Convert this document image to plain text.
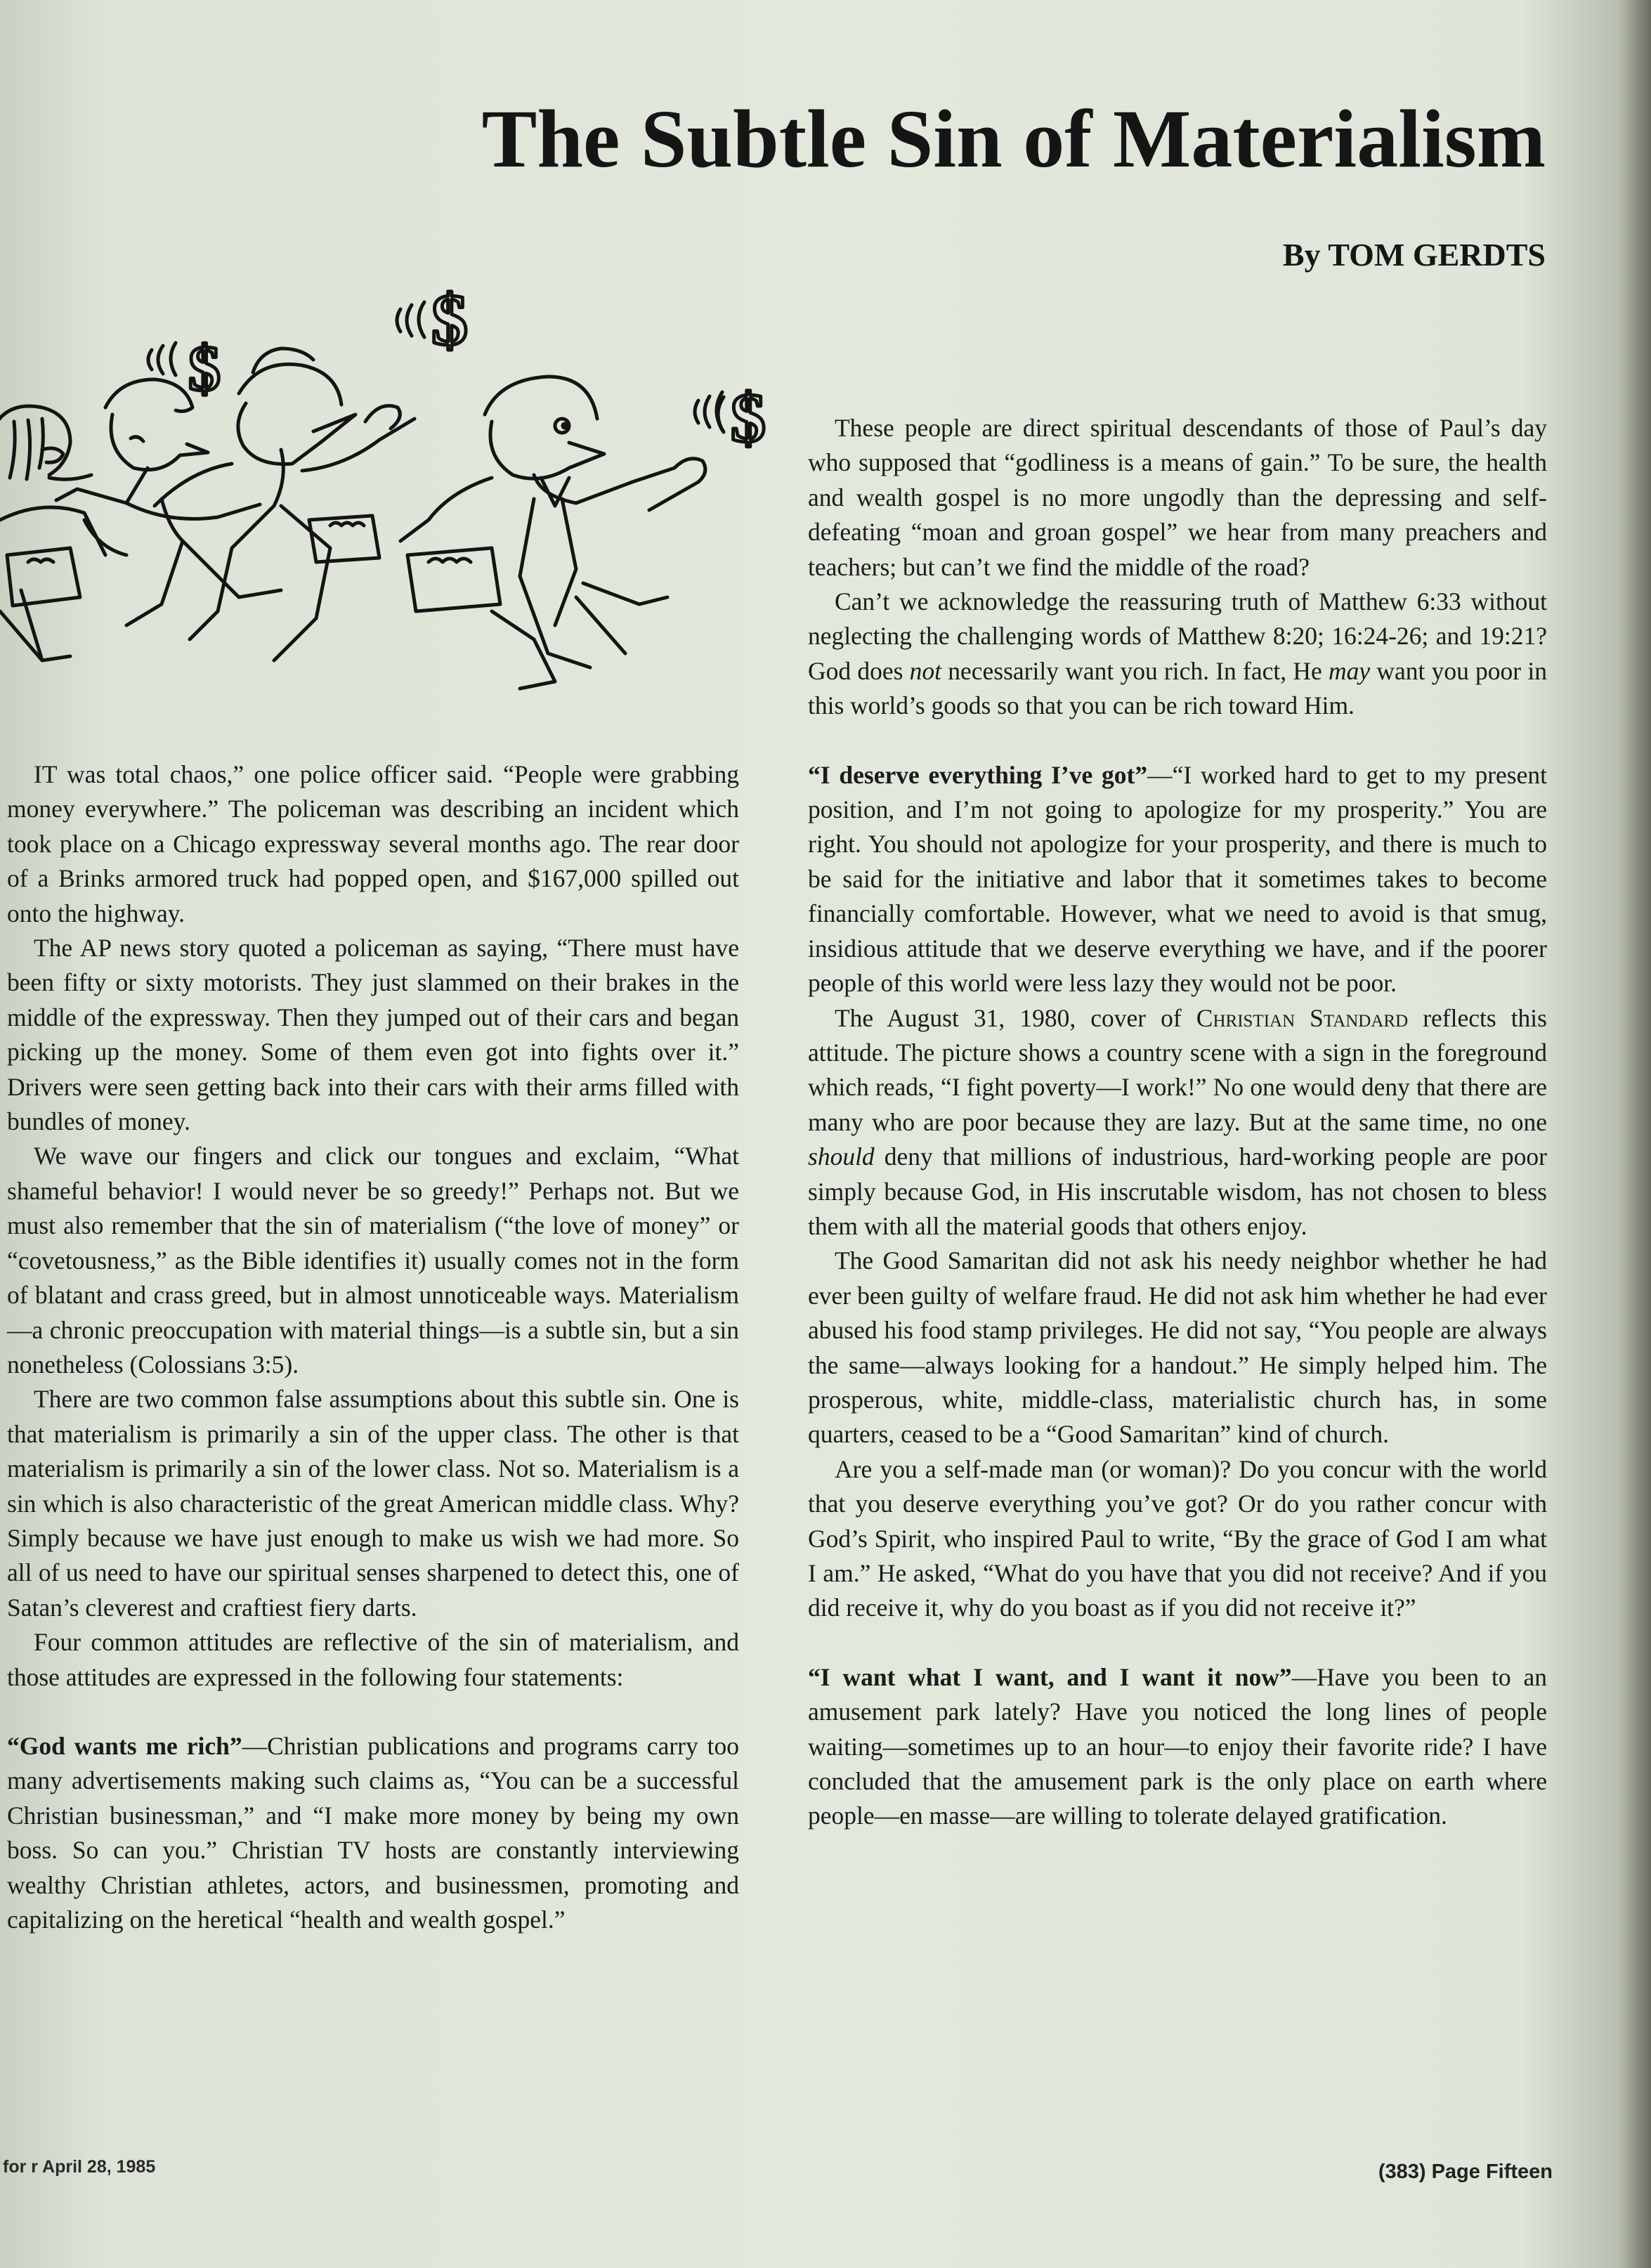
The Subtle Sin of Materialism

By TOM GERDTS

$
$
$

IT was total chaos,” one police officer said. “People were grabbing money everywhere.” The policeman was describing an incident which took place on a Chicago expressway several months ago. The rear door of a Brinks armored truck had popped open, and $167,000 spilled out onto the highway.

The AP news story quoted a policeman as saying, “There must have been fifty or sixty motorists. They just slammed on their brakes in the middle of the expressway. Then they jumped out of their cars and began picking up the money. Some of them even got into fights over it.” Drivers were seen getting back into their cars with their arms filled with bundles of money.

We wave our fingers and click our tongues and exclaim, “What shameful behavior! I would never be so greedy!” Perhaps not. But we must also remember that the sin of materialism (“the love of money” or “covetousness,” as the Bible identifies it) usually comes not in the form of blatant and crass greed, but in almost unnoticeable ways. Materialism—a chronic preoccupation with material things—is a subtle sin, but a sin nonetheless (Colossians 3:5).

There are two common false assumptions about this subtle sin. One is that materialism is primarily a sin of the upper class. The other is that materialism is primarily a sin of the lower class. Not so. Materialism is a sin which is also characteristic of the great American middle class. Why? Simply because we have just enough to make us wish we had more. So all of us need to have our spiritual senses sharpened to detect this, one of Satan’s cleverest and craftiest fiery darts.

Four common attitudes are reflective of the sin of materialism, and those attitudes are expressed in the following four statements:

“God wants me rich”—Christian publications and programs carry too many advertisements making such claims as, “You can be a successful Christian businessman,” and “I make more money by being my own boss. So can you.” Christian TV hosts are constantly interviewing wealthy Christian athletes, actors, and businessmen, promoting and capitalizing on the heretical “health and wealth gospel.”

These people are direct spiritual descendants of those of Paul’s day who supposed that “godliness is a means of gain.” To be sure, the health and wealth gospel is no more ungodly than the depressing and self-defeating “moan and groan gospel” we hear from many preachers and teachers; but can’t we find the middle of the road?

Can’t we acknowledge the reassuring truth of Matthew 6:33 without neglecting the challenging words of Matthew 8:20; 16:24-26; and 19:21? God does not necessarily want you rich. In fact, He may want you poor in this world’s goods so that you can be rich toward Him.

“I deserve everything I’ve got”—“I worked hard to get to my present position, and I’m not going to apologize for my prosperity.” You are right. You should not apologize for your prosperity, and there is much to be said for the initiative and labor that it sometimes takes to become financially comfortable. However, what we need to avoid is that smug, insidious attitude that we deserve everything we have, and if the poorer people of this world were less lazy they would not be poor.

The August 31, 1980, cover of Christian Standard reflects this attitude. The picture shows a country scene with a sign in the foreground which reads, “I fight poverty—I work!” No one would deny that there are many who are poor because they are lazy. But at the same time, no one should deny that millions of industrious, hard-working people are poor simply because God, in His inscrutable wisdom, has not chosen to bless them with all the material goods that others enjoy.

The Good Samaritan did not ask his needy neighbor whether he had ever been guilty of welfare fraud. He did not ask him whether he had ever abused his food stamp privileges. He did not say, “You people are always the same—always looking for a handout.” He simply helped him. The prosperous, white, middle-class, materialistic church has, in some quarters, ceased to be a “Good Samaritan” kind of church.

Are you a self-made man (or woman)? Do you concur with the world that you deserve everything you’ve got? Or do you rather concur with God’s Spirit, who inspired Paul to write, “By the grace of God I am what I am.” He asked, “What do you have that you did not receive? And if you did receive it, why do you boast as if you did not receive it?”

“I want what I want, and I want it now”—Have you been to an amusement park lately? Have you noticed the long lines of people waiting—sometimes up to an hour—to enjoy their favorite ride? I have concluded that the amusement park is the only place on earth where people—en masse—are willing to tolerate delayed gratification.

for r April 28, 1985	(383) Page Fifteen
